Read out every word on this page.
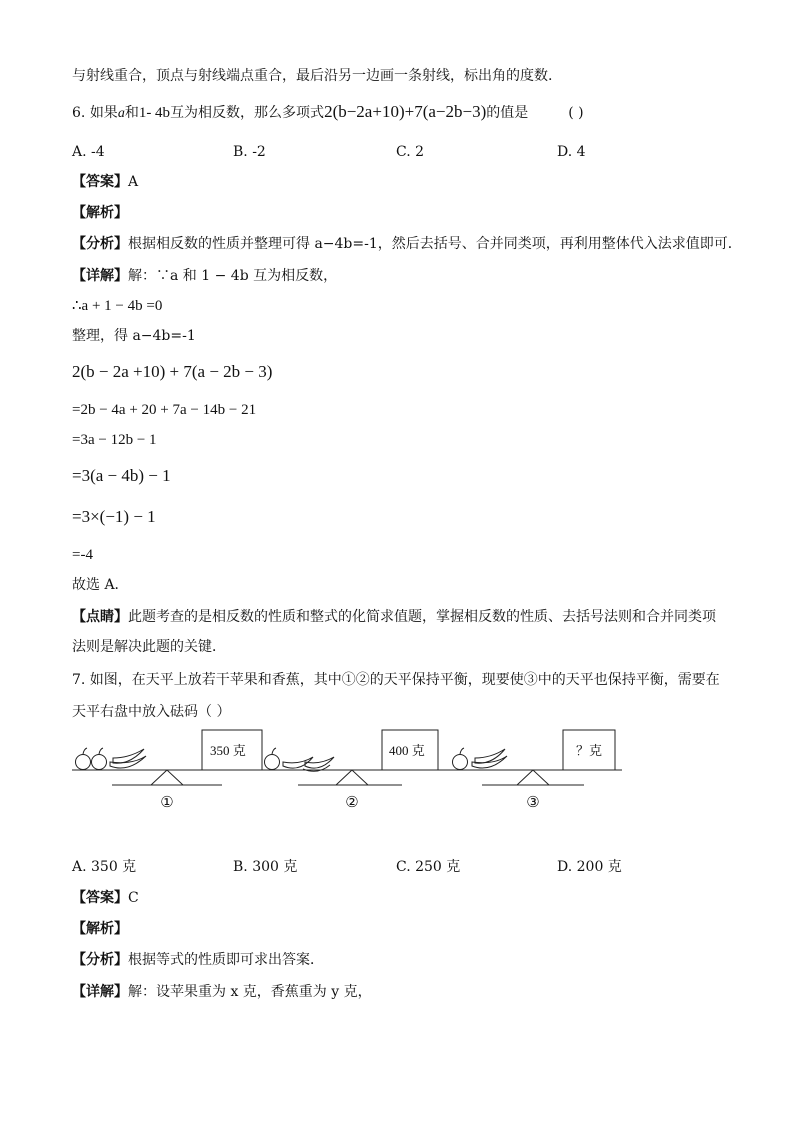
与射线重合，顶点与射线端点重合，最后沿另一边画一条射线，标出角的度数.
6. 如果a和1- 4b互为相反数，那么多项式2(b−2a+10)+7(a−2b−3)的值是	( )
A. -4	B. -2	C. 2	D. 4
【答案】A
【解析】
【分析】根据相反数的性质并整理可得 a−4b=-1，然后去括号、合并同类项，再利用整体代入法求值即可．
【详解】解：∵a 和 1 − 4b 互为相反数，
∴a + 1 − 4b =0
整理，得 a−4b=-1
2(b − 2a +10) + 7(a − 2b − 3)
=2b − 4a + 20 + 7a − 14b − 21
=3a − 12b − 1
=3(a − 4b) − 1
=3×(−1) − 1
=-4
故选 A．
【点睛】此题考查的是相反数的性质和整式的化简求值题，掌握相反数的性质、去括号法则和合并同类项
法则是解决此题的关键．
7. 如图，在天平上放若干苹果和香蕉，其中①②的天平保持平衡，现要使③中的天平也保持平衡，需要在
天平右盘中放入砝码（ ）
350 克	400 克	？克
①	②	③
A. 350 克	B. 300 克	C. 250 克	D. 200 克
【答案】C
【解析】
【分析】根据等式的性质即可求出答案．
【详解】解：设苹果重为 x 克，香蕉重为 y 克，
